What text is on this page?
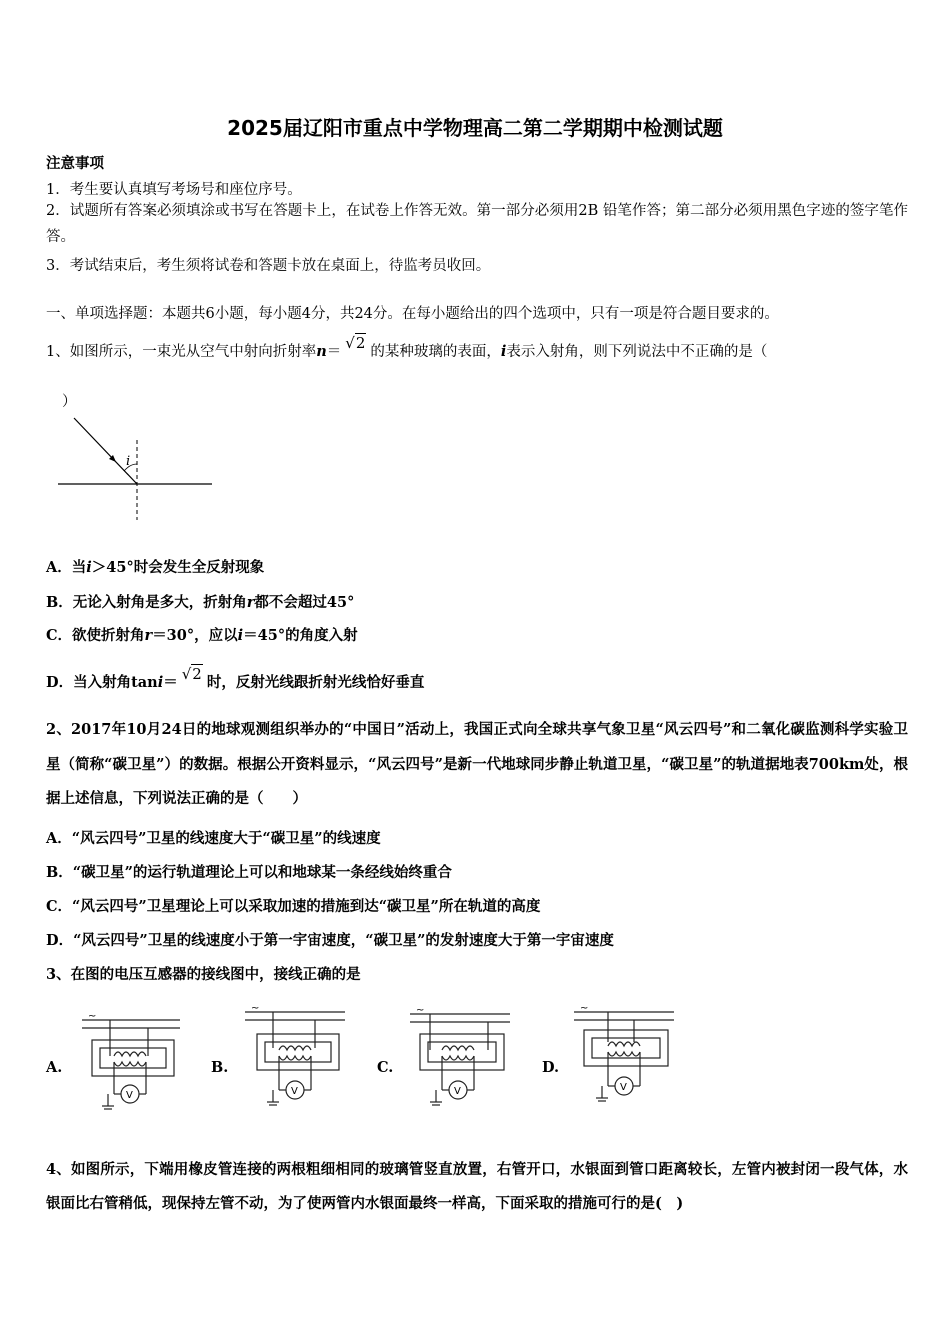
2025届辽阳市重点中学物理高二第二学期期中检测试题
注意事项
1．考生要认真填写考场号和座位序号。
2．试题所有答案必须填涂或书写在答题卡上，在试卷上作答无效。第一部分必须用2B 铅笔作答；第二部分必须用黑色字迹的签字笔作答。
3．考试结束后，考生须将试卷和答题卡放在桌面上，待监考员收回。
一、单项选择题：本题共6小题，每小题4分，共24分。在每小题给出的四个选项中，只有一项是符合题目要求的。
1、如图所示，一束光从空气中射向折射率n＝ √2 的某种玻璃的表面，i表示入射角，则下列说法中不正确的是（
）
i
A．当i＞45°时会发生全反射现象
B．无论入射角是多大，折射角r都不会超过45°
C．欲使折射角r＝30°，应以i＝45°的角度入射
D．当入射角tani＝ √2 时，反射光线跟折射光线恰好垂直
2、2017年10月24日的地球观测组织举办的“中国日”活动上，我国正式向全球共享气象卫星“风云四号”和二氧化碳监测科学实验卫星（简称“碳卫星”）的数据。根据公开资料显示，“风云四号”是新一代地球同步静止轨道卫星，“碳卫星”的轨道据地表700km处，根据上述信息，下列说法正确的是（　　）
A．“风云四号”卫星的线速度大于“碳卫星”的线速度
B．“碳卫星”的运行轨道理论上可以和地球某一条经线始终重合
C．“风云四号”卫星理论上可以采取加速的措施到达“碳卫星”所在轨道的高度
D．“风云四号”卫星的线速度小于第一宇宙速度，“碳卫星”的发射速度大于第一宇宙速度
3、在图的电压互感器的接线图中，接线正确的是
A.	B.	C.	D.
V
~
V
~
V
~
V
~
4、如图所示，下端用橡皮管连接的两根粗细相同的玻璃管竖直放置，右管开口，水银面到管口距离较长，左管内被封闭一段气体，水银面比右管稍低，现保持左管不动，为了使两管内水银面最终一样高，下面采取的措施可行的是(　)
